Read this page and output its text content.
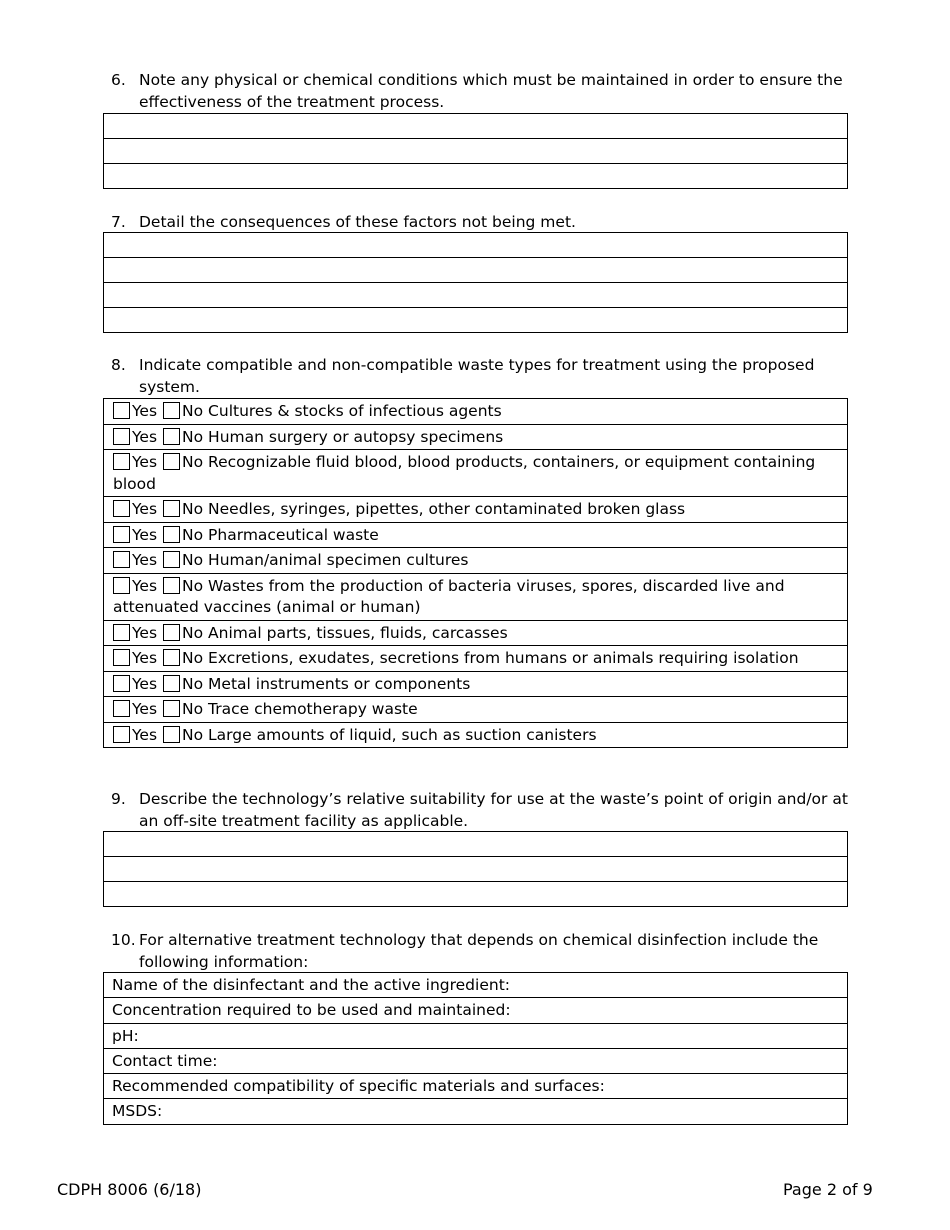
6. Note any physical or chemical conditions which must be maintained in order to ensure the effectiveness of the treatment process.
7. Detail the consequences of these factors not being met.
8. Indicate compatible and non-compatible waste types for treatment using the proposed system.
Yes No Cultures & stocks of infectious agents
Yes No Human surgery or autopsy specimens
Yes No Recognizable fluid blood, blood products, containers, or equipment containing blood
Yes No Needles, syringes, pipettes, other contaminated broken glass
Yes No Pharmaceutical waste
Yes No Human/animal specimen cultures
Yes No Wastes from the production of bacteria viruses, spores, discarded live and attenuated vaccines (animal or human)
Yes No Animal parts, tissues, fluids, carcasses
Yes No Excretions, exudates, secretions from humans or animals requiring isolation
Yes No Metal instruments or components
Yes No Trace chemotherapy waste
Yes No Large amounts of liquid, such as suction canisters
9. Describe the technology’s relative suitability for use at the waste’s point of origin and/or at an off-site treatment facility as applicable.
10. For alternative treatment technology that depends on chemical disinfection include the following information:
Name of the disinfectant and the active ingredient:
Concentration required to be used and maintained:
pH:
Contact time:
Recommended compatibility of specific materials and surfaces:
MSDS:
CDPH 8006 (6/18)	Page 2 of 9
